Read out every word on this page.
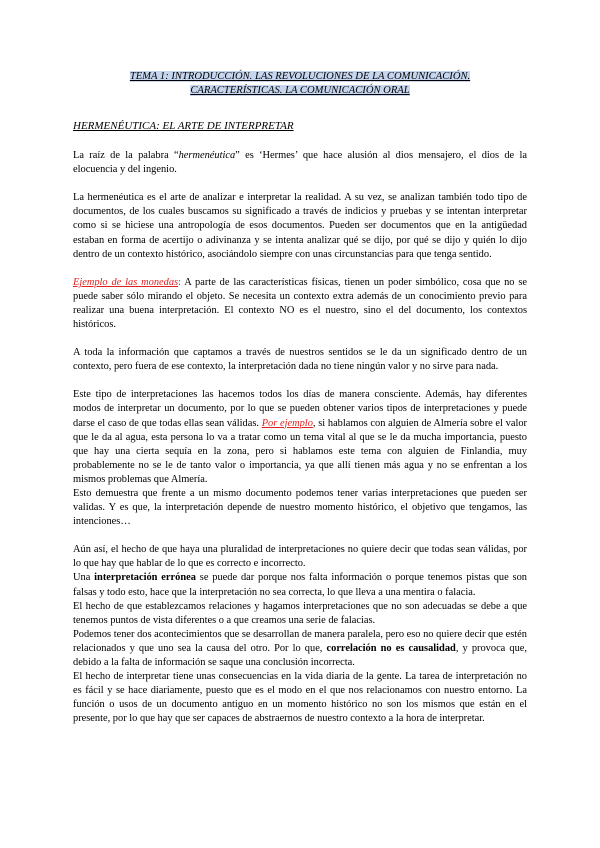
TEMA 1: INTRODUCCIÓN. LAS REVOLUCIONES DE LA COMUNICACIÓN.
CARACTERÍSTICAS. LA COMUNICACIÓN ORAL
HERMENÉUTICA: EL ARTE DE INTERPRETAR

La raíz de la palabra “hermenéutica” es ‘Hermes’ que hace alusión al dios mensajero, el dios de la elocuencia y del ingenio.

La hermenéutica es el arte de analizar e interpretar la realidad. A su vez, se analizan también todo tipo de documentos, de los cuales buscamos su significado a través de indicios y pruebas y se intentan interpretar como si se hiciese una antropología de esos documentos. Pueden ser documentos que en la antigüedad estaban en forma de acertijo o adivinanza y se intenta analizar qué se dijo, por qué se dijo y quién lo dijo dentro de un contexto histórico, asociándolo siempre con unas circunstancias para que tenga sentido.

Ejemplo de las monedas: A parte de las características físicas, tienen un poder simbólico, cosa que no se puede saber sólo mirando el objeto. Se necesita un contexto extra además de un conocimiento previo para realizar una buena interpretación. El contexto NO es el nuestro, sino el del documento, los contextos históricos.

A toda la información que captamos a través de nuestros sentidos se le da un significado dentro de un contexto, pero fuera de ese contexto, la interpretación dada no tiene ningún valor y no sirve para nada.

Este tipo de interpretaciones las hacemos todos los días de manera consciente. Además, hay diferentes modos de interpretar un documento, por lo que se pueden obtener varios tipos de interpretaciones y puede darse el caso de que todas ellas sean válidas. Por ejemplo, si hablamos con alguien de Almería sobre el valor que le da al agua, esta persona lo va a tratar como un tema vital al que se le da mucha importancia, puesto que hay una cierta sequía en la zona, pero si hablamos este tema con alguien de Finlandia, muy probablemente no se le de tanto valor o importancia, ya que allí tienen más agua y no se enfrentan a los mismos problemas que Almería.

Esto demuestra que frente a un mismo documento podemos tener varias interpretaciones que pueden ser validas. Y es que, la interpretación depende de nuestro momento histórico, el objetivo que tengamos, las intenciones…

Aún así, el hecho de que haya una pluralidad de interpretaciones no quiere decir que todas sean válidas, por lo que hay que hablar de lo que es correcto e incorrecto.

Una interpretación errónea se puede dar porque nos falta información o porque tenemos pistas que son falsas y todo esto, hace que la interpretación no sea correcta, lo que lleva a una mentira o falacia.

El hecho de que establezcamos relaciones y hagamos interpretaciones que no son adecuadas se debe a que tenemos puntos de vista diferentes o a que creamos una serie de falacias.

Podemos tener dos acontecimientos que se desarrollan de manera paralela, pero eso no quiere decir que estén relacionados y que uno sea la causa del otro. Por lo que, correlación no es causalidad, y provoca que, debido a la falta de información se saque una conclusión incorrecta.

El hecho de interpretar tiene unas consecuencias en la vida diaria de la gente. La tarea de interpretación no es fácil y se hace diariamente, puesto que es el modo en el que nos relacionamos con nuestro entorno. La función o usos de un documento antiguo en un momento histórico no son los mismos que están en el presente, por lo que hay que ser capaces de abstraernos de nuestro contexto a la hora de interpretar.
